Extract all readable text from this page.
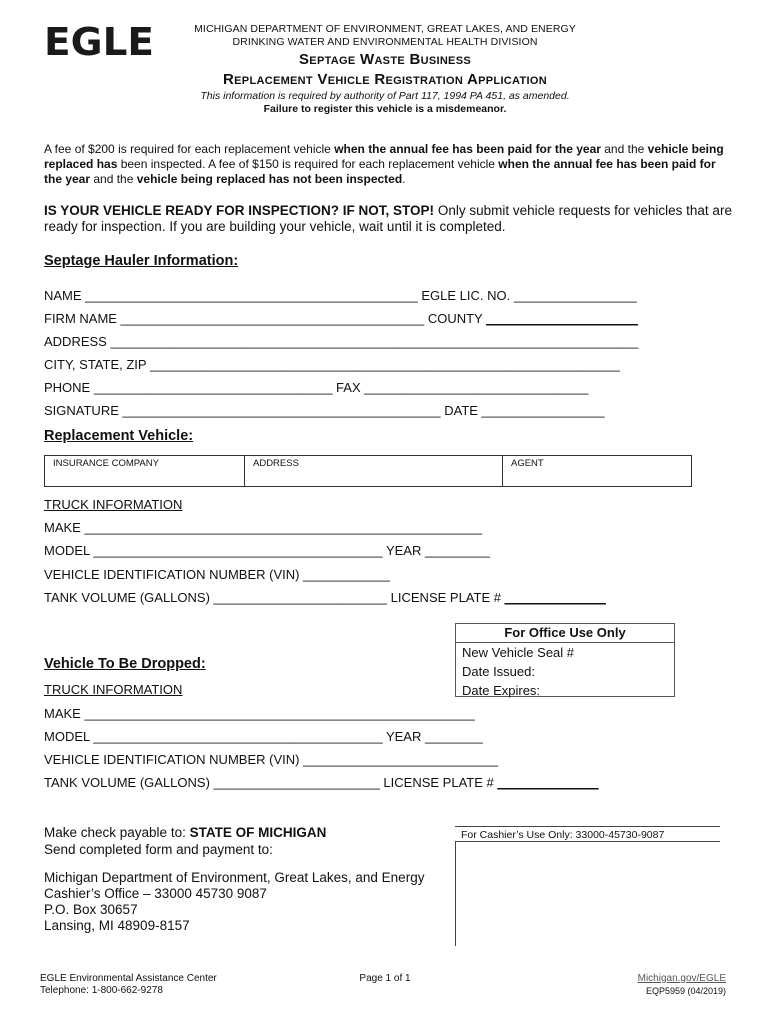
EGLE	MICHIGAN DEPARTMENT OF ENVIRONMENT, GREAT LAKES, AND ENERGY
DRINKING WATER AND ENVIRONMENTAL HEALTH DIVISION
Septage Waste Business
Replacement Vehicle Registration Application
This information is required by authority of Part 117, 1994 PA 451, as amended.
Failure to register this vehicle is a misdemeanor.
A fee of $200 is required for each replacement vehicle when the annual fee has been paid for the year and the vehicle being replaced has been inspected. A fee of $150 is required for each replacement vehicle when the annual fee has been paid for the year and the vehicle being replaced has not been inspected.
IS YOUR VEHICLE READY FOR INSPECTION? IF NOT, STOP! Only submit vehicle requests for vehicles that are ready for inspection. If you are building your vehicle, wait until it is completed.
Septage Hauler Information:
NAME ______________________________________________ EGLE LIC. NO. _________________
FIRM NAME __________________________________________ COUNTY _____________________
ADDRESS _________________________________________________________________________
CITY, STATE, ZIP _________________________________________________________________
PHONE _________________________________ FAX _______________________________
SIGNATURE ____________________________________________ DATE _________________
Replacement Vehicle:
INSURANCE COMPANY	ADDRESS	AGENT
TRUCK INFORMATION
MAKE _______________________________________________________
MODEL ________________________________________ YEAR _________
VEHICLE IDENTIFICATION NUMBER (VIN) ____________
TANK VOLUME (GALLONS) ________________________ LICENSE PLATE # ______________
For Office Use Only
New Vehicle Seal #
Date Issued:
Date Expires:
Vehicle To Be Dropped:
TRUCK INFORMATION
MAKE ______________________________________________________
MODEL ________________________________________ YEAR ________
VEHICLE IDENTIFICATION NUMBER (VIN) ___________________________
TANK VOLUME (GALLONS) _______________________ LICENSE PLATE # ______________
Make check payable to: STATE OF MICHIGAN
Send completed form and payment to:
Michigan Department of Environment, Great Lakes, and Energy
Cashier’s Office – 33000 45730 9087
P.O. Box 30657
Lansing, MI 48909-8157
For Cashier’s Use Only: 33000-45730-9087
EGLE Environmental Assistance Center
Telephone: 1-800-662-9278
Page 1 of 1	Michigan.gov/EGLE
EQP5959 (04/2019)
